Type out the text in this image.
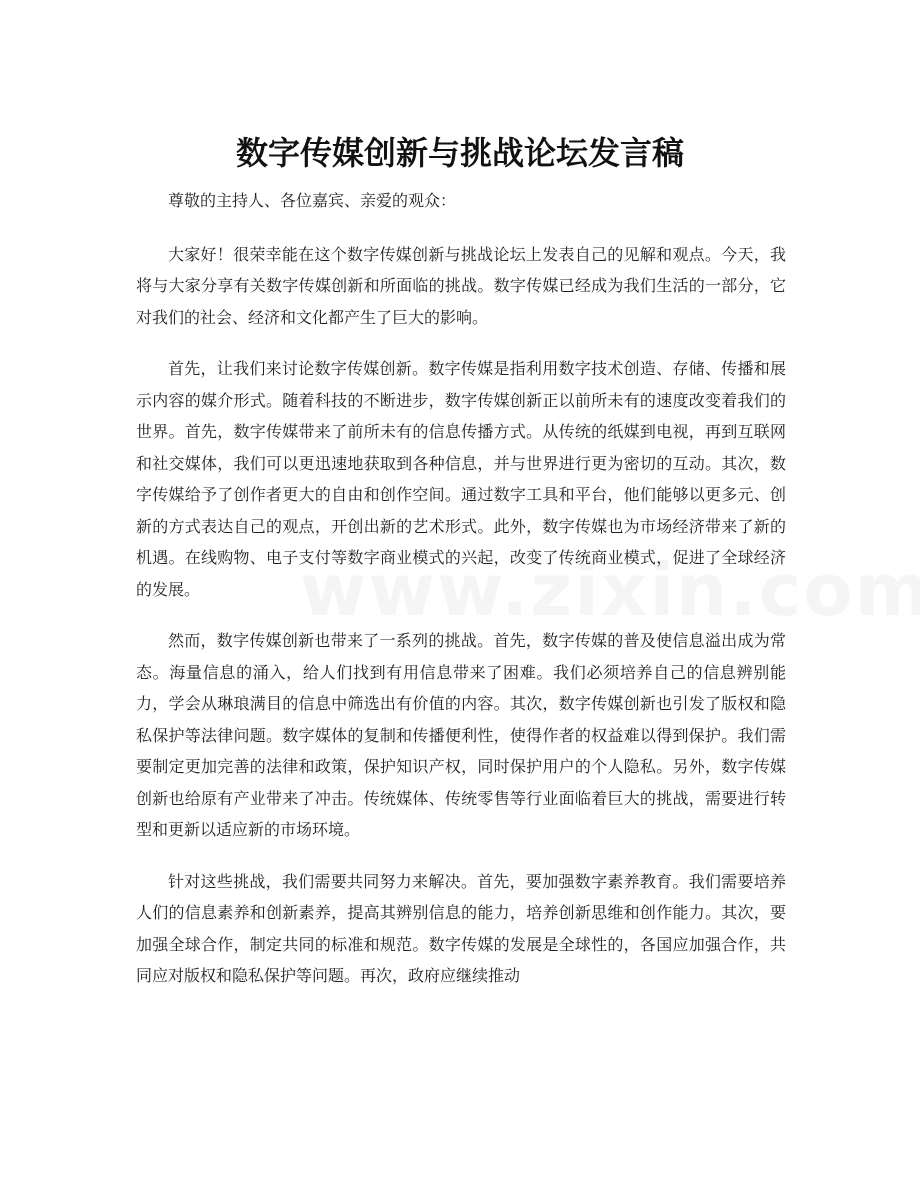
数字传媒创新与挑战论坛发言稿

尊敬的主持人、各位嘉宾、亲爱的观众：

大家好！很荣幸能在这个数字传媒创新与挑战论坛上发表自己的见解和观点。今天，我将与大家分享有关数字传媒创新和所面临的挑战。数字传媒已经成为我们生活的一部分，它对我们的社会、经济和文化都产生了巨大的影响。

首先，让我们来讨论数字传媒创新。数字传媒是指利用数字技术创造、存储、传播和展示内容的媒介形式。随着科技的不断进步，数字传媒创新正以前所未有的速度改变着我们的世界。首先，数字传媒带来了前所未有的信息传播方式。从传统的纸媒到电视，再到互联网和社交媒体，我们可以更迅速地获取到各种信息，并与世界进行更为密切的互动。其次，数字传媒给予了创作者更大的自由和创作空间。通过数字工具和平台，他们能够以更多元、创新的方式表达自己的观点，开创出新的艺术形式。此外，数字传媒也为市场经济带来了新的机遇。在线购物、电子支付等数字商业模式的兴起，改变了传统商业模式，促进了全球经济的发展。

然而，数字传媒创新也带来了一系列的挑战。首先，数字传媒的普及使信息溢出成为常态。海量信息的涌入，给人们找到有用信息带来了困难。我们必须培养自己的信息辨别能力，学会从琳琅满目的信息中筛选出有价值的内容。其次，数字传媒创新也引发了版权和隐私保护等法律问题。数字媒体的复制和传播便利性，使得作者的权益难以得到保护。我们需要制定更加完善的法律和政策，保护知识产权，同时保护用户的个人隐私。另外，数字传媒创新也给原有产业带来了冲击。传统媒体、传统零售等行业面临着巨大的挑战，需要进行转型和更新以适应新的市场环境。

针对这些挑战，我们需要共同努力来解决。首先，要加强数字素养教育。我们需要培养人们的信息素养和创新素养，提高其辨别信息的能力，培养创新思维和创作能力。其次，要加强全球合作，制定共同的标准和规范。数字传媒的发展是全球性的，各国应加强合作，共同应对版权和隐私保护等问题。再次，政府应继续推动
